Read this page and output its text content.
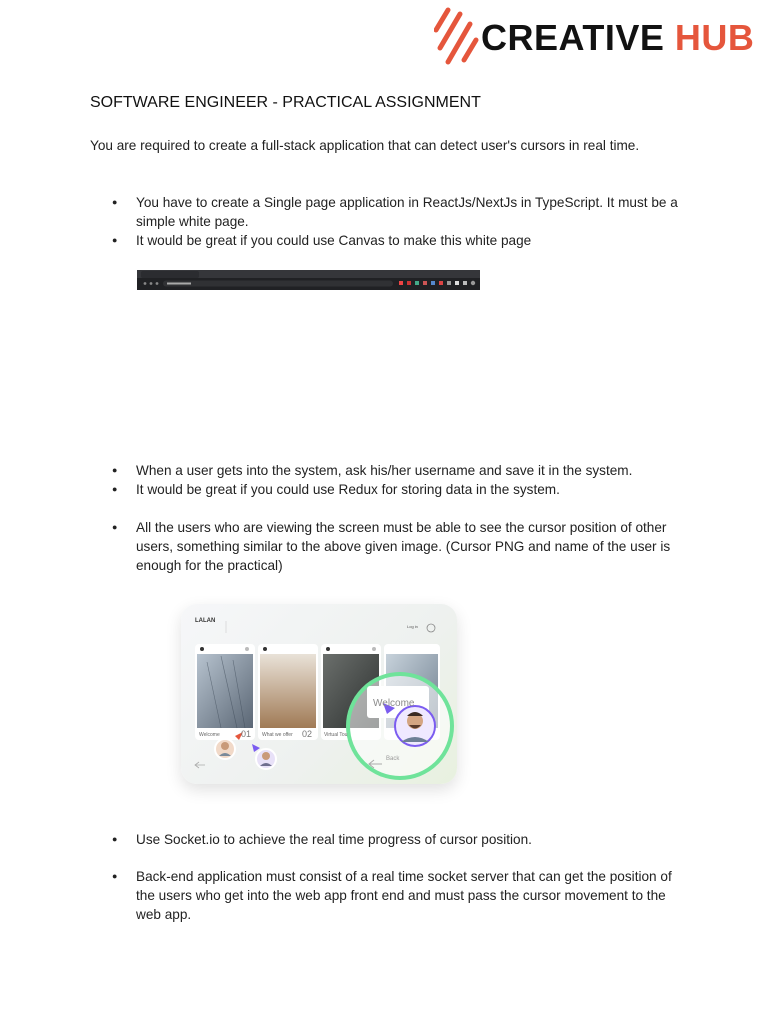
CREATIVE HUB
SOFTWARE ENGINEER - PRACTICAL ASSIGNMENT
You are required to create a full-stack application that can detect user's cursors in real time.
● You have to create a Single page application in ReactJs/NextJs in TypeScript. It must be a simple white page.
● It would be great if you could use Canvas to make this white page
● When a user gets into the system, ask his/her username and save it in the system.
● It would be great if you could use Redux for storing data in the system.
● All the users who are viewing the screen must be able to see the cursor position of other users, something similar to the above given image. (Cursor PNG and name of the user is enough for the practical)
LALAN
Log in
Welcome 01 What we offer 02 Virtual Tou
Welcome
Back
● Use Socket.io to achieve the real time progress of cursor position.
● Back-end application must consist of a real time socket server that can get the position of the users who get into the web app front end and must pass the cursor movement to the web app.
